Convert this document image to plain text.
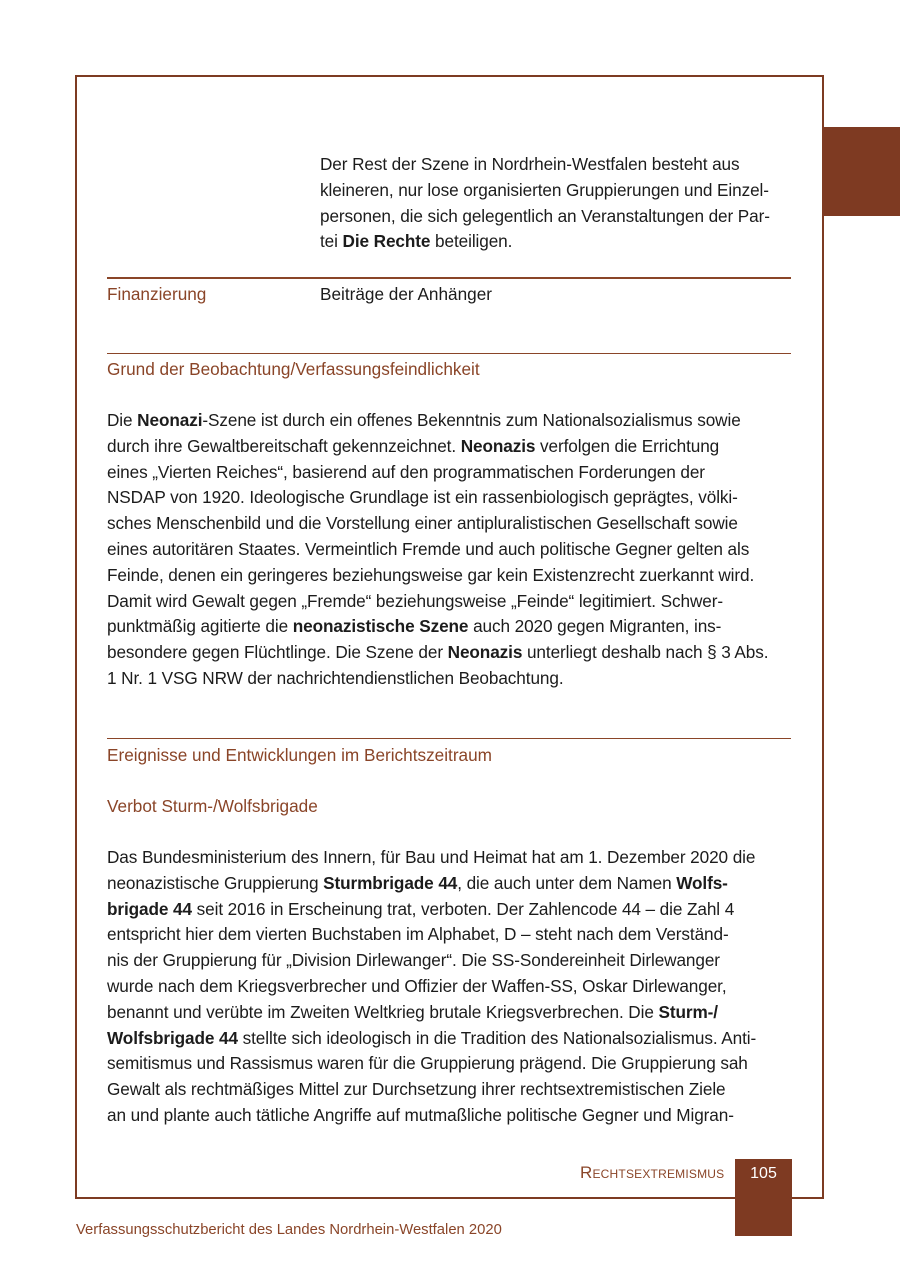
Der Rest der Szene in Nordrhein-Westfalen besteht aus
kleineren, nur lose organisierten Gruppierungen und Einzel-
personen, die sich gelegentlich an Veranstaltungen der Par-
tei Die Rechte beteiligen.
Finanzierung	Beiträge der Anhänger
Grund der Beobachtung/Verfassungsfeindlichkeit
Die Neonazi-Szene ist durch ein offenes Bekenntnis zum Nationalsozialismus sowie
durch ihre Gewaltbereitschaft gekennzeichnet. Neonazis verfolgen die Errichtung
eines „Vierten Reiches“, basierend auf den programmatischen Forderungen der
NSDAP von 1920. Ideologische Grundlage ist ein rassenbiologisch geprägtes, völki-
sches Menschenbild und die Vorstellung einer antipluralistischen Gesellschaft sowie
eines autoritären Staates. Vermeintlich Fremde und auch politische Gegner gelten als
Feinde, denen ein geringeres beziehungsweise gar kein Existenzrecht zuerkannt wird.
Damit wird Gewalt gegen „Fremde“ beziehungsweise „Feinde“ legitimiert. Schwer-
punktmäßig agitierte die neonazistische Szene auch 2020 gegen Migranten, ins-
besondere gegen Flüchtlinge. Die Szene der Neonazis unterliegt deshalb nach § 3 Abs.
1 Nr. 1 VSG NRW der nachrichtendienstlichen Beobachtung.
Ereignisse und Entwicklungen im Berichtszeitraum
Verbot Sturm-/Wolfsbrigade
Das Bundesministerium des Innern, für Bau und Heimat hat am 1. Dezember 2020 die
neonazistische Gruppierung Sturmbrigade 44, die auch unter dem Namen Wolfs-
brigade 44 seit 2016 in Erscheinung trat, verboten. Der Zahlencode 44 – die Zahl 4
entspricht hier dem vierten Buchstaben im Alphabet, D – steht nach dem Verständ-
nis der Gruppierung für „Division Dirlewanger“. Die SS-Sondereinheit Dirlewanger
wurde nach dem Kriegsverbrecher und Offizier der Waffen-SS, Oskar Dirlewanger,
benannt und verübte im Zweiten Weltkrieg brutale Kriegsverbrechen. Die Sturm-/
Wolfsbrigade 44 stellte sich ideologisch in die Tradition des Nationalsozialismus. Anti-
semitismus und Rassismus waren für die Gruppierung prägend. Die Gruppierung sah
Gewalt als rechtmäßiges Mittel zur Durchsetzung ihrer rechtsextremistischen Ziele
an und plante auch tätliche Angriffe auf mutmaßliche politische Gegner und Migran-
Rechtsextremismus	105
Verfassungsschutzbericht des Landes Nordrhein-Westfalen 2020
